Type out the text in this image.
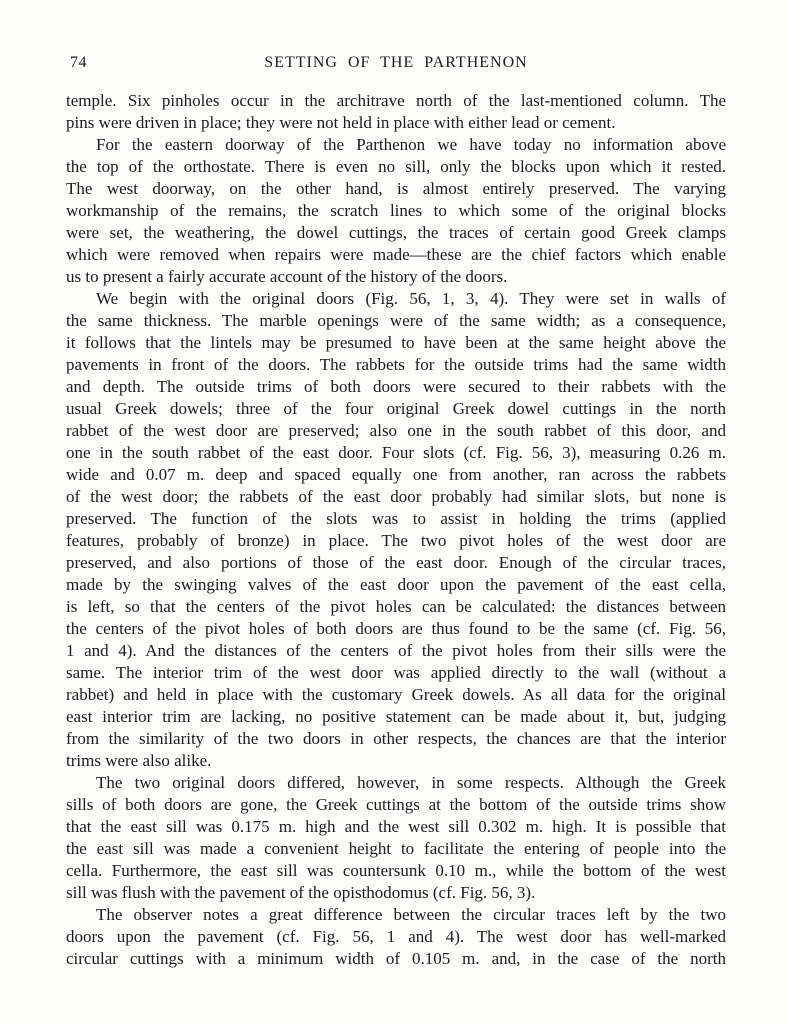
74	SETTING OF THE PARTHENON
temple. Six pinholes occur in the architrave north of the last-mentioned column. The
pins were driven in place; they were not held in place with either lead or cement.
For the eastern doorway of the Parthenon we have today no information above
the top of the orthostate. There is even no sill, only the blocks upon which it rested.
The west doorway, on the other hand, is almost entirely preserved. The varying
workmanship of the remains, the scratch lines to which some of the original blocks
were set, the weathering, the dowel cuttings, the traces of certain good Greek clamps
which were removed when repairs were made—these are the chief factors which enable
us to present a fairly accurate account of the history of the doors.
We begin with the original doors (Fig. 56, 1, 3, 4). They were set in walls of
the same thickness. The marble openings were of the same width; as a consequence,
it follows that the lintels may be presumed to have been at the same height above the
pavements in front of the doors. The rabbets for the outside trims had the same width
and depth. The outside trims of both doors were secured to their rabbets with the
usual Greek dowels; three of the four original Greek dowel cuttings in the north
rabbet of the west door are preserved; also one in the south rabbet of this door, and
one in the south rabbet of the east door. Four slots (cf. Fig. 56, 3), measuring 0.26 m.
wide and 0.07 m. deep and spaced equally one from another, ran across the rabbets
of the west door; the rabbets of the east door probably had similar slots, but none is
preserved. The function of the slots was to assist in holding the trims (applied
features, probably of bronze) in place. The two pivot holes of the west door are
preserved, and also portions of those of the east door. Enough of the circular traces,
made by the swinging valves of the east door upon the pavement of the east cella,
is left, so that the centers of the pivot holes can be calculated: the distances between
the centers of the pivot holes of both doors are thus found to be the same (cf. Fig. 56,
1 and 4). And the distances of the centers of the pivot holes from their sills were the
same. The interior trim of the west door was applied directly to the wall (without a
rabbet) and held in place with the customary Greek dowels. As all data for the original
east interior trim are lacking, no positive statement can be made about it, but, judging
from the similarity of the two doors in other respects, the chances are that the interior
trims were also alike.
The two original doors differed, however, in some respects. Although the Greek
sills of both doors are gone, the Greek cuttings at the bottom of the outside trims show
that the east sill was 0.175 m. high and the west sill 0.302 m. high. It is possible that
the east sill was made a convenient height to facilitate the entering of people into the
cella. Furthermore, the east sill was countersunk 0.10 m., while the bottom of the west
sill was flush with the pavement of the opisthodomus (cf. Fig. 56, 3).
The observer notes a great difference between the circular traces left by the two
doors upon the pavement (cf. Fig. 56, 1 and 4). The west door has well-marked
circular cuttings with a minimum width of 0.105 m. and, in the case of the north
